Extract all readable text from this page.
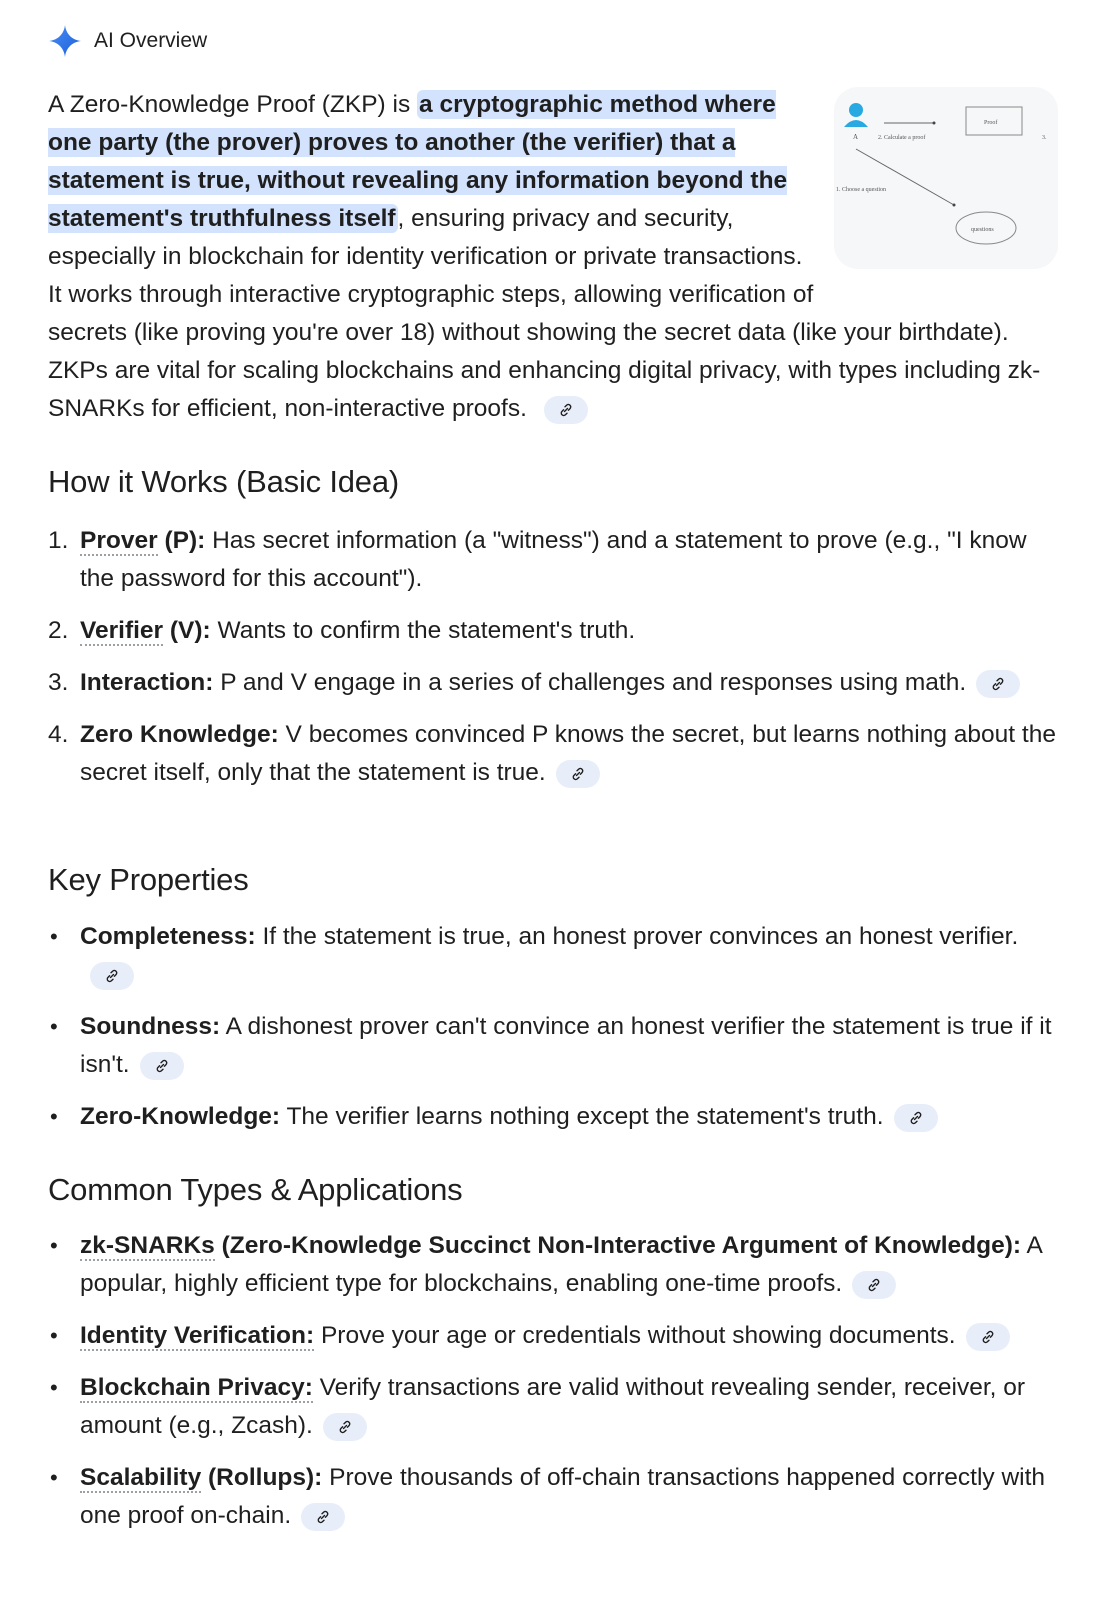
AI Overview
A	2. Calculate a proof
Proof
3.
1. Choose a question
questions
A Zero-Knowledge Proof (ZKP) is a cryptographic method where one party (the prover) proves to another (the verifier) that a statement is true, without revealing any information beyond the statement's truthfulness itself, ensuring privacy and security, especially in blockchain for identity verification or private transactions. It works through interactive cryptographic steps, allowing verification of secrets (like proving you're over 18) without showing the secret data (like your birthdate). ZKPs are vital for scaling blockchains and enhancing digital privacy, with types including zk-SNARKs for efficient, non-interactive proofs.
How it Works (Basic Idea)
1. Prover (P): Has secret information (a "witness") and a statement to prove (e.g., "I know the password for this account").
2. Verifier (V): Wants to confirm the statement's truth.
3. Interaction: P and V engage in a series of challenges and responses using math.
4. Zero Knowledge: V becomes convinced P knows the secret, but learns nothing about the secret itself, only that the statement is true.
Key Properties
• Completeness: If the statement is true, an honest prover convinces an honest verifier.
• Soundness: A dishonest prover can't convince an honest verifier the statement is true if it isn't.
• Zero-Knowledge: The verifier learns nothing except the statement's truth.
Common Types & Applications
• zk-SNARKs (Zero-Knowledge Succinct Non-Interactive Argument of Knowledge): A popular, highly efficient type for blockchains, enabling one-time proofs.
• Identity Verification: Prove your age or credentials without showing documents.
• Blockchain Privacy: Verify transactions are valid without revealing sender, receiver, or amount (e.g., Zcash).
• Scalability (Rollups): Prove thousands of off-chain transactions happened correctly with one proof on-chain.
